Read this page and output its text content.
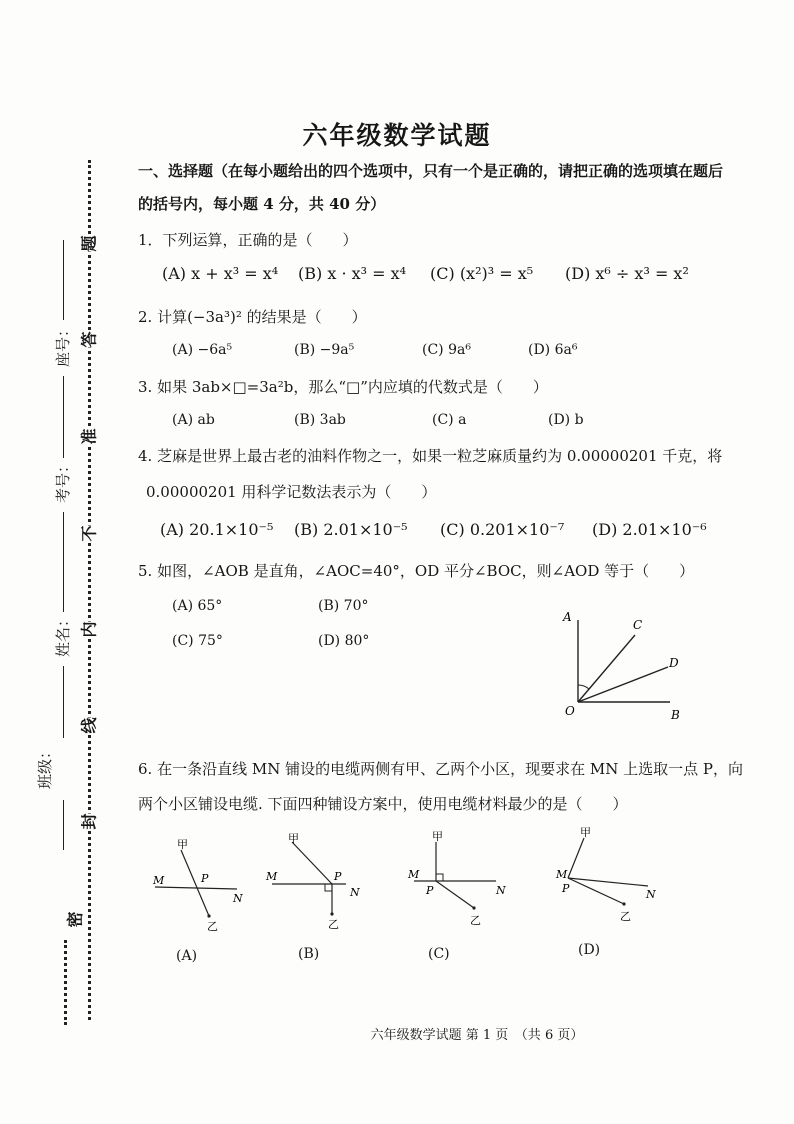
题
答
准
不
内
线
封
密
座号：
考号：
姓名：
班级：
六年级数学试题
一、选择题（在每小题给出的四个选项中，只有一个是正确的，请把正确的选项填在题后
的括号内，每小题 4 分，共 40 分）
1．下列运算，正确的是（　　）
(A) x + x³ = x⁴ (B) x · x³ = x⁴ (C) (x²)³ = x⁵ (D) x⁶ ÷ x³ = x²
2. 计算(−3a³)² 的结果是（　　）
(A) −6a⁵	(B) −9a⁵	(C) 9a⁶	(D) 6a⁶
3. 如果 3ab×□=3a²b，那么“□”内应填的代数式是（　　）
(A) ab	(B) 3ab	(C) a	(D) b
4. 芝麻是世界上最古老的油料作物之一，如果一粒芝麻质量约为 0.00000201 千克，将
0.00000201 用科学记数法表示为（　　）
(A) 20.1×10⁻⁵ (B) 2.01×10⁻⁵ (C) 0.201×10⁻⁷ (D) 2.01×10⁻⁶
5. 如图，∠AOB 是直角，∠AOC=40°，OD 平分∠BOC，则∠AOD 等于（　　）
(A) 65°	(B) 70°
(C) 75°	(D) 80°
A
C
D
O	B
6. 在一条沿直线 MN 铺设的电缆两侧有甲、乙两个小区，现要求在 MN 上选取一点 P，向
两个小区铺设电缆. 下面四种铺设方案中，使用电缆材料最少的是（　　）
甲
M	P
N
乙
甲
M	P
N
乙
甲
M
P	N
乙
甲
M
P	N
乙
(A)	(B)	(C)	(D)
六年级数学试题 第 1 页　（共 6 页）
